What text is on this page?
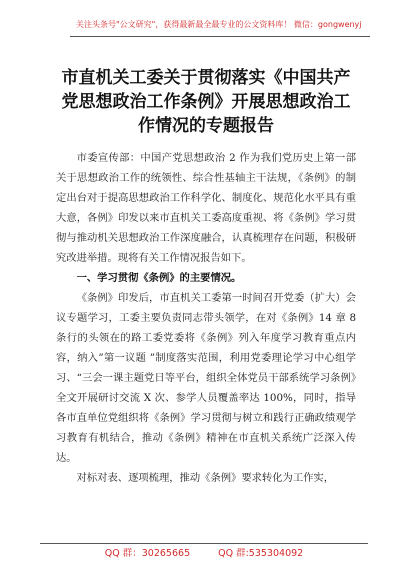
关注头条号"公文研究"，获得最新最全最专业的公文资料库！ 微信：gongwenyj
市直机关工委关于贯彻落实《中国共产党思想政治工作条例》开展思想政治工作情况的专题报告

市委宣传部：中国产党思想政治 2 作为我们党历史上第一部关于思想政治工作的统领性、综合性基轴主干法规，《条例》的制定出台对于提高思想政治工作科学化、制度化、规范化水平具有重大意，各例》印发以来市直机关工委高度重视、将《条例》学习贯彻与推动机关思想政治工作深度融合，认真梳理存在问题，积极研究改进举措。现将有关工作情况报告如下。

一、学习贯彻《条例》的主要情况。

《条例》印发后，市直机关工委第一时间召开党委（扩大）会议专题学习，工委主要负责同志带头领学，在对《条例》14 章 8 条行的头领在的路工委党委将《条例》列入年度学习教育重点内容，纳入”第一议题 ”制度落实范围，利用党委理论学习中心组学习、“三会一课主题党日等平台，组织全体党员干部系统学习条例》全文开展研讨交流 X 次、参学人员覆盖率达 100%，同时，指导各市直单位党组织将《条例》学习贯彻与树立和践行正确政绩观学习教育有机结合，推动《条例》精神在市直机关系统广泛深入传达。

对标对表、逐项梳理，推动《条例》要求转化为工作实，

QQ 群：30265665	QQ 群:535304092
